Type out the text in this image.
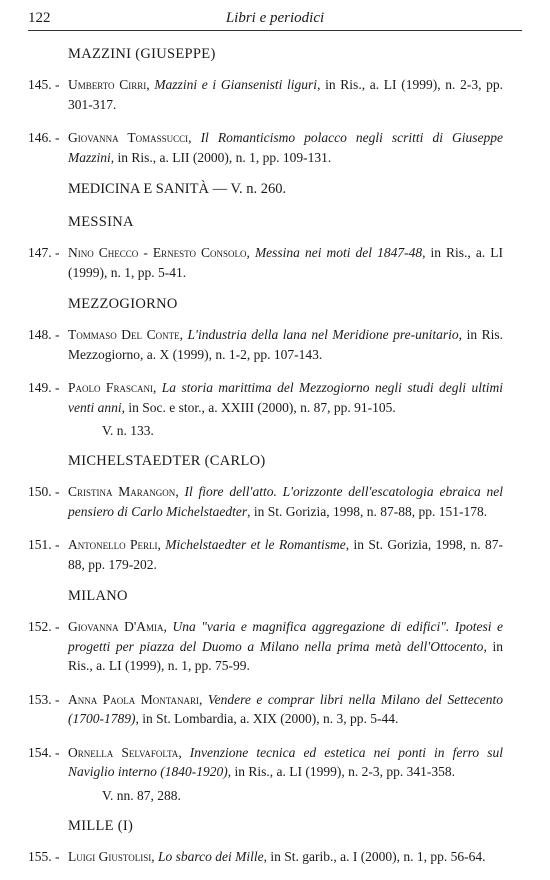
122	Libri e periodici
MAZZINI (GIUSEPPE)
145. - Umberto Cirri, Mazzini e i Giansenisti liguri, in Ris., a. LI (1999), n. 2-3, pp. 301-317.
146. - Giovanna Tomassucci, Il Romanticismo polacco negli scritti di Giuseppe Mazzini, in Ris., a. LII (2000), n. 1, pp. 109-131.
MEDICINA E SANITÀ — V. n. 260.
MESSINA
147. - Nino Checco - Ernesto Consolo, Messina nei moti del 1847-48, in Ris., a. LI (1999), n. 1, pp. 5-41.
MEZZOGIORNO
148. - Tommaso Del Conte, L'industria della lana nel Meridione pre-unitario, in Ris. Mezzogiorno, a. X (1999), n. 1-2, pp. 107-143.
149. - Paolo Frascani, La storia marittima del Mezzogiorno negli studi degli ultimi venti anni, in Soc. e stor., a. XXIII (2000), n. 87, pp. 91-105.
V. n. 133.
MICHELSTAEDTER (CARLO)
150. - Cristina Marangon, Il fiore dell'atto. L'orizzonte dell'escatologia ebraica nel pensiero di Carlo Michelstaedter, in St. Gorizia, 1998, n. 87-88, pp. 151-178.
151. - Antonello Perli, Michelstaedter et le Romantisme, in St. Gorizia, 1998, n. 87-88, pp. 179-202.
MILANO
152. - Giovanna D'Amia, Una "varia e magnifica aggregazione di edifici". Ipotesi e progetti per piazza del Duomo a Milano nella prima metà dell'Ottocento, in Ris., a. LI (1999), n. 1, pp. 75-99.
153. - Anna Paola Montanari, Vendere e comprar libri nella Milano del Settecento (1700-1789), in St. Lombardia, a. XIX (2000), n. 3, pp. 5-44.
154. - Ornella Selvafolta, Invenzione tecnica ed estetica nei ponti in ferro sul Naviglio interno (1840-1920), in Ris., a. LI (1999), n. 2-3, pp. 341-358.
V. nn. 87, 288.
MILLE (I)
155. - Luigi Giustolisi, Lo sbarco dei Mille, in St. garib., a. I (2000), n. 1, pp. 56-64.
